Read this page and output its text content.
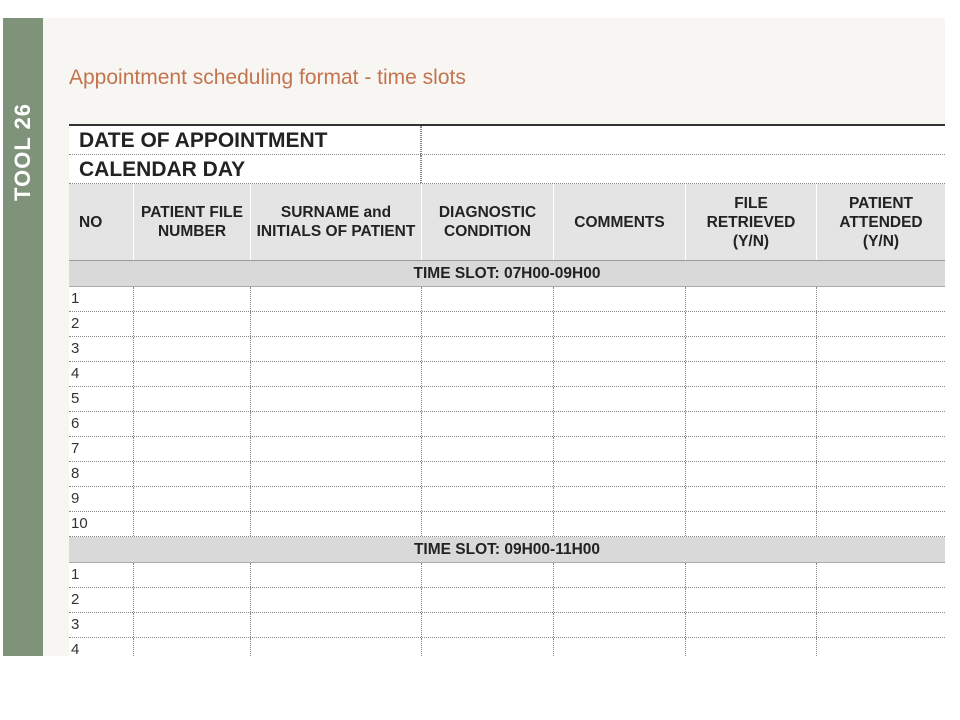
TOOL 26
Appointment scheduling format - time slots
DATE OF APPOINTMENT
CALENDAR DAY
NO
PATIENT FILE NUMBER
SURNAME and INITIALS OF PATIENT
DIAGNOSTIC CONDITION
COMMENTS
FILE RETRIEVED (Y/N)
PATIENT ATTENDED (Y/N)
TIME SLOT: 07H00-09H00
1
2
3
4
5
6
7
8
9
10
TIME SLOT: 09H00-11H00
1
2
3
4
